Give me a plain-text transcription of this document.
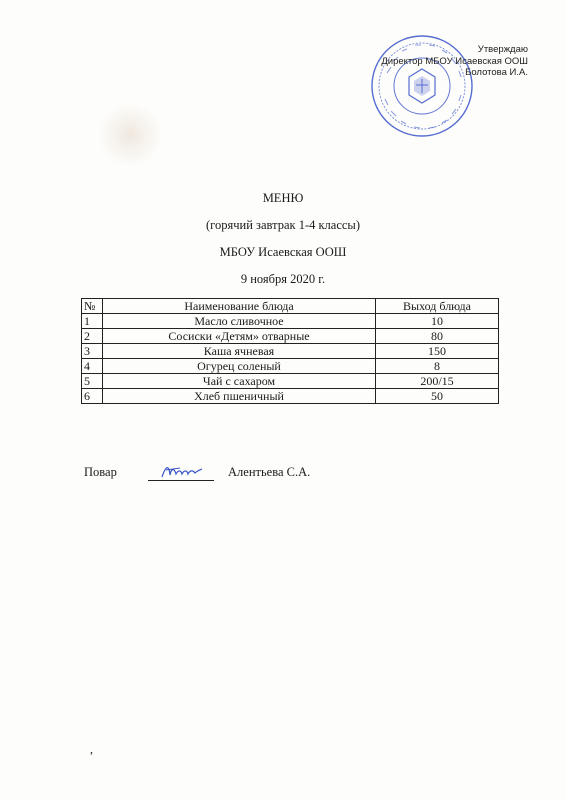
Утверждаю
Директор МБОУ Исаевская ООШ
Болотова И.А.
МЕНЮ
(горячий завтрак 1-4 классы)
МБОУ Исаевская ООШ
9 ноября 2020 г.
№	Наименование блюда	Выход блюда
1	Масло сливочное	10
2	Сосиски «Детям» отварные	80
3	Каша ячневая	150
4	Огурец соленый	8
5	Чай с сахаром	200/15
6	Хлеб пшеничный	50
Повар	Алентьева С.А.
,
